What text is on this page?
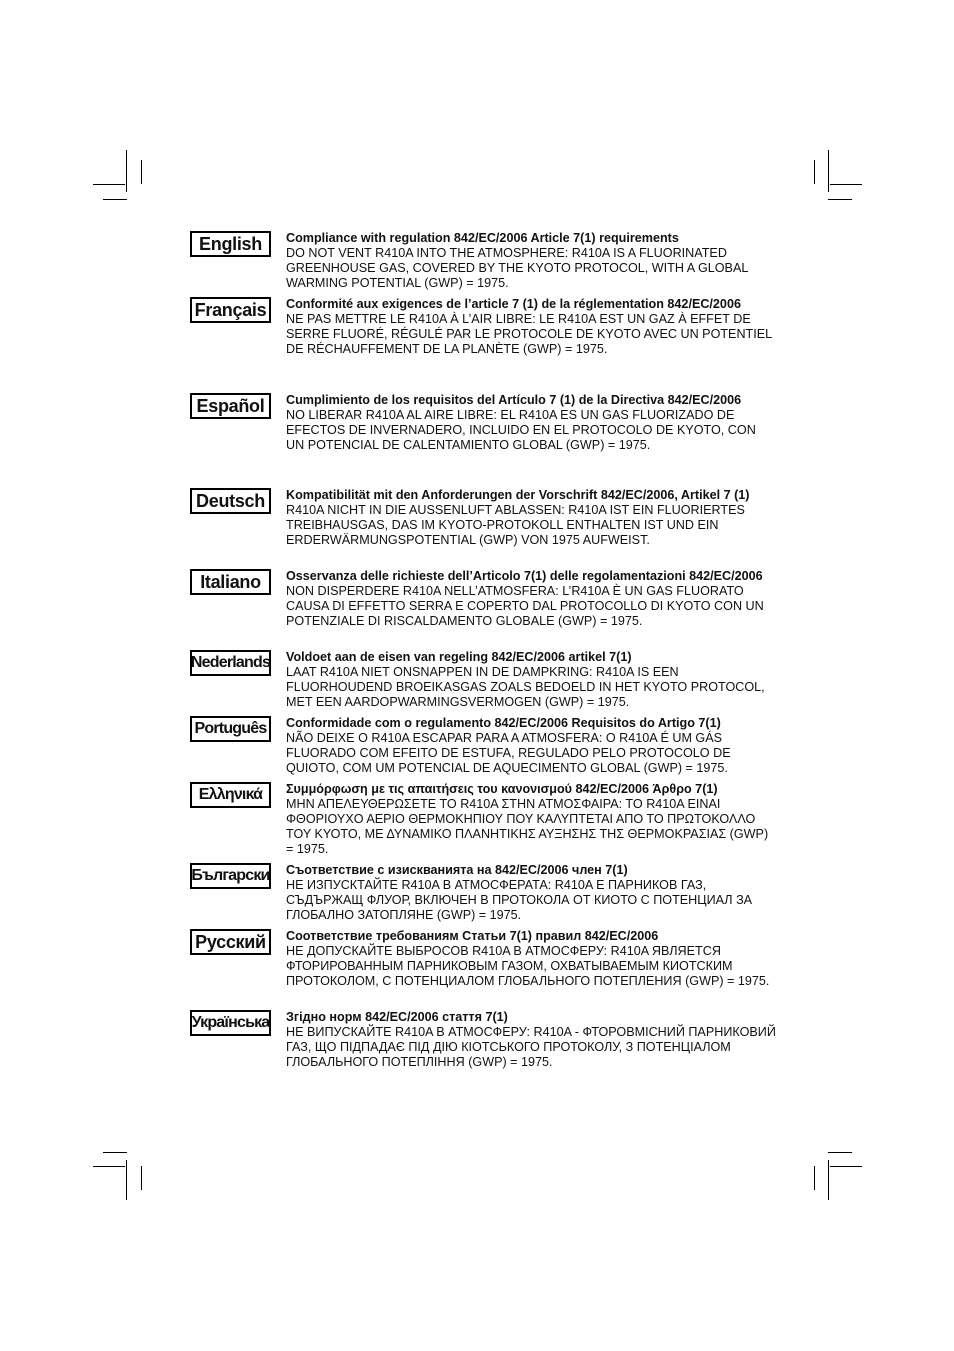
English	Compliance with regulation 842/EC/2006 Article 7(1) requirements
DO NOT VENT R410A INTO THE ATMOSPHERE: R410A IS A FLUORINATED GREENHOUSE GAS, COVERED BY THE KYOTO PROTOCOL, WITH A GLOBAL WARMING POTENTIAL (GWP) = 1975.
Français	Conformité aux exigences de l’article 7 (1) de la réglementation 842/EC/2006
NE PAS METTRE LE R410A À L’AIR LIBRE: LE R410A EST UN GAZ À EFFET DE SERRE FLUORÉ, RÉGULÉ PAR LE PROTOCOLE DE KYOTO AVEC UN POTENTIEL DE RÉCHAUFFEMENT DE LA PLANÈTE (GWP) = 1975.
Español	Cumplimiento de los requisitos del Artículo 7 (1) de la Directiva 842/EC/2006
NO LIBERAR R410A AL AIRE LIBRE: EL R410A ES UN GAS FLUORIZADO DE EFECTOS DE INVERNADERO, INCLUIDO EN EL PROTOCOLO DE KYOTO, CON UN POTENCIAL DE CALENTAMIENTO GLOBAL (GWP) = 1975.
Deutsch	Kompatibilität mit den Anforderungen der Vorschrift 842/EC/2006, Artikel 7 (1)
R410A NICHT IN DIE AUSSENLUFT ABLASSEN: R410A IST EIN FLUORIERTES TREIBHAUSGAS, DAS IM KYOTO-PROTOKOLL ENTHALTEN IST UND EIN ERDERWÄRMUNGSPOTENTIAL (GWP) VON 1975 AUFWEIST.
Italiano	Osservanza delle richieste dell’Articolo 7(1) delle regolamentazioni 842/EC/2006
NON DISPERDERE R410A NELL’ATMOSFERA: L’R410A È UN GAS FLUORATO CAUSA DI EFFETTO SERRA E COPERTO DAL PROTOCOLLO DI KYOTO CON UN POTENZIALE DI RISCALDAMENTO GLOBALE (GWP) = 1975.
Nederlands Voldoet aan de eisen van regeling 842/EC/2006 artikel 7(1)
LAAT R410A NIET ONSNAPPEN IN DE DAMPKRING: R410A IS EEN FLUORHOUDEND BROEIKASGAS ZOALS BEDOELD IN HET KYOTO PROTOCOL, MET EEN AARDOPWARMINGSVERMOGEN (GWP) = 1975.
Português	Conformidade com o regulamento 842/EC/2006 Requisitos do Artigo 7(1)
NÃO DEIXE O R410A ESCAPAR PARA A ATMOSFERA: O R410A É UM GÁS FLUORADO COM EFEITO DE ESTUFA, REGULADO PELO PROTOCOLO DE QUIOTO, COM UM POTENCIAL DE AQUECIMENTO GLOBAL (GWP) = 1975.
Ελληνικά	Συμμόρφωση με τις απαιτήσεις του κανονισμού 842/EC/2006 Άρθρο 7(1)
ΜΗΝ ΑΠΕΛΕΥΘΕΡΩΣΕΤΕ ΤΟ R410A ΣΤΗΝ ΑΤΜΟΣΦΑΙΡΑ: ΤΟ R410A ΕΙΝΑΙ ΦΘΟΡΙΟΥΧΟ ΑΕΡΙΟ ΘΕΡΜΟΚΗΠΙΟΥ ΠΟΥ ΚΑΛΥΠΤΕΤΑΙ ΑΠΟ ΤΟ ΠΡΩΤΟΚΟΛΛΟ ΤΟΥ ΚΥΟΤΟ, ΜΕ ΔΥΝΑΜΙΚΟ ΠΛΑΝΗΤΙΚΗΣ ΑΥΞΗΣΗΣ ΤΗΣ ΘΕΡΜΟΚΡΑΣΙΑΣ (GWP) = 1975.
Български Съответствие с изискванията на 842/EC/2006 член 7(1)
НЕ ИЗПУСКТАЙТЕ R410A В АТМОСФЕРАТА: R410A Е ПАРНИКОВ ГАЗ, СЪДЪРЖАЩ ФЛУОР, ВКЛЮЧЕН В ПРОТОКОЛА ОТ КИОТО С ПОТЕНЦИАЛ ЗА ГЛОБАЛНО ЗАТОПЛЯНЕ (GWP) = 1975.
Русский	Соответствие требованиям Статьи 7(1) правил 842/EC/2006
НЕ ДОПУСКАЙТЕ ВЫБРОСОВ R410A В АТМОСФЕРУ: R410A ЯВЛЯЕТСЯ ФТОРИРОВАННЫМ ПАРНИКОВЫМ ГАЗОМ, ОХВАТЫВАЕМЫМ КИОТСКИМ ПРОТОКОЛОМ, С ПОТЕНЦИАЛОМ ГЛОБАЛЬНОГО ПОТЕПЛЕНИЯ (GWP) = 1975.
Українська Згідно норм 842/EC/2006 стаття 7(1)
НЕ ВИПУСКАЙТЕ R410A В АТМОСФЕРУ: R410A - ФТОРОВМІСНИЙ ПАРНИКОВИЙ ГАЗ, ЩО ПІДПАДАЄ ПІД ДІЮ КІОТСЬКОГО ПРОТОКОЛУ, З ПОТЕНЦІАЛОМ ГЛОБАЛЬНОГО ПОТЕПЛІННЯ (GWP) = 1975.
